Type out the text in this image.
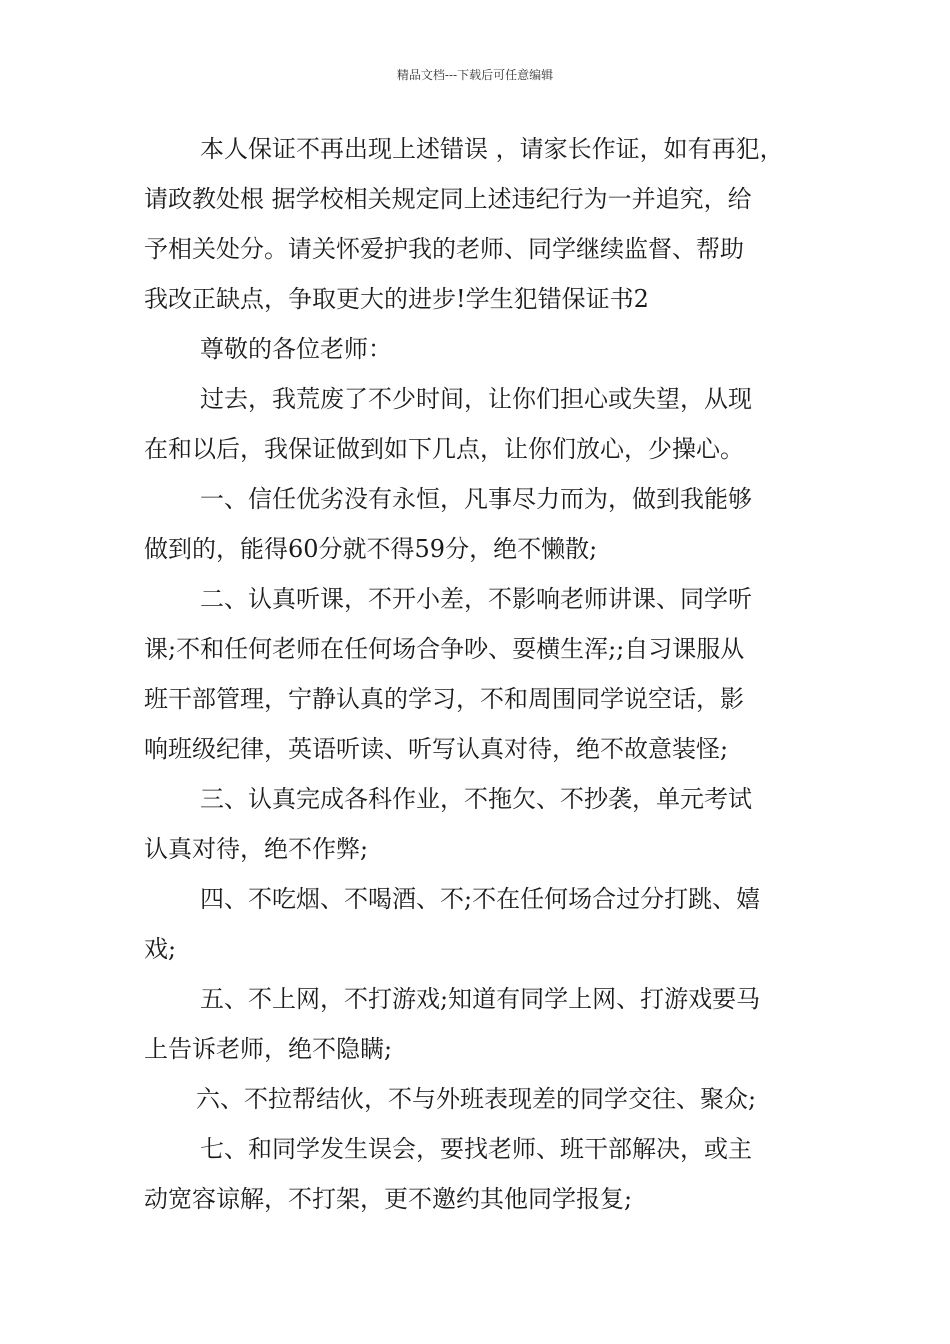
精品文档---下载后可任意编辑
本人保证不再出现上述错误 ，请家长作证，如有再犯，
请政教处根 据学校相关规定同上述违纪行为一并追究，给
予相关处分。请关怀爱护我的老师、同学继续监督、帮助
我改正缺点，争取更大的进步!学生犯错保证书2
尊敬的各位老师：
过去，我荒废了不少时间，让你们担心或失望，从现
在和以后，我保证做到如下几点，让你们放心，少操心。
一、信任优劣没有永恒，凡事尽力而为，做到我能够
做到的，能得60分就不得59分，绝不懒散;
二、认真听课，不开小差，不影响老师讲课、同学听
课;不和任何老师在任何场合争吵、耍横生浑;;自习课服从
班干部管理，宁静认真的学习，不和周围同学说空话，影
响班级纪律，英语听读、听写认真对待，绝不故意装怪;
三、认真完成各科作业，不拖欠、不抄袭，单元考试
认真对待，绝不作弊;
四、不吃烟、不喝酒、不;不在任何场合过分打跳、嬉
戏;
五、不上网，不打游戏;知道有同学上网、打游戏要马
上告诉老师，绝不隐瞒;
六、不拉帮结伙，不与外班表现差的同学交往、聚众;
七、和同学发生误会，要找老师、班干部解决，或主
动宽容谅解，不打架，更不邀约其他同学报复;
